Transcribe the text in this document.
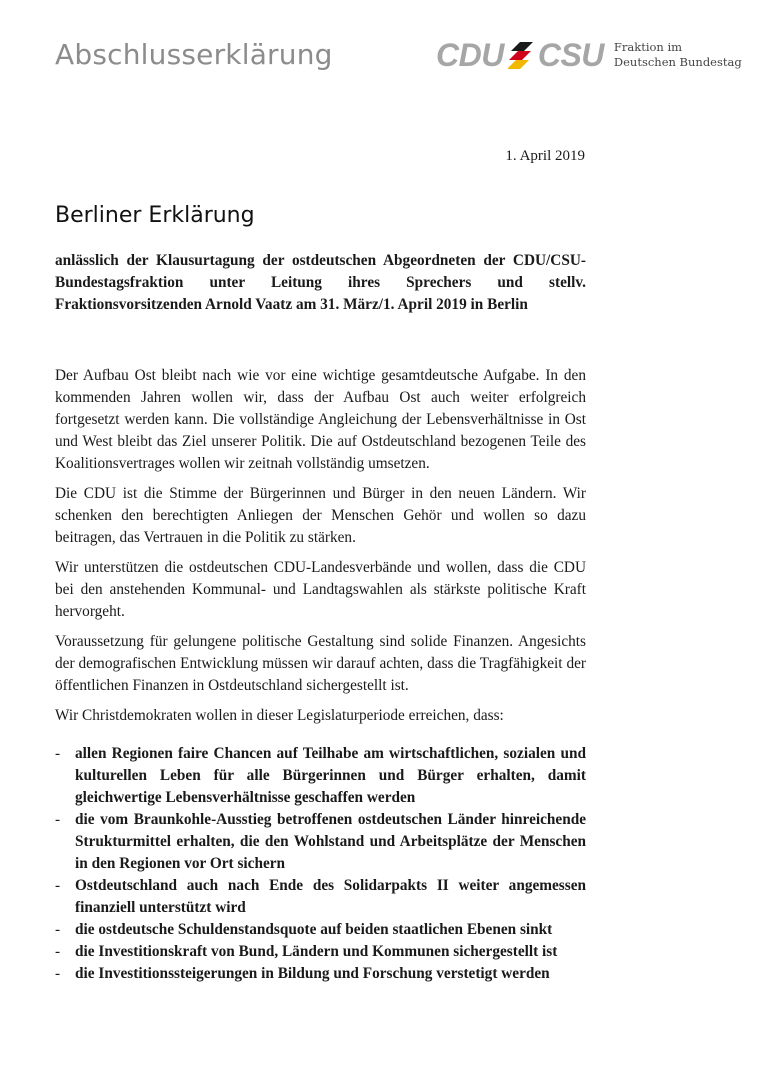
Abschlusserklärung	CDU CSU Fraktion im
Deutschen Bundestag
1. April 2019
Berliner Erklärung
anlässlich der Klausurtagung der ostdeutschen Abgeordneten der CDU/CSU-Bundestagsfraktion unter Leitung ihres Sprechers und stellv. Fraktionsvorsitzenden Arnold Vaatz am 31. März/1. April 2019 in Berlin

Der Aufbau Ost bleibt nach wie vor eine wichtige gesamtdeutsche Aufgabe. In den kommenden Jahren wollen wir, dass der Aufbau Ost auch weiter erfolgreich fortgesetzt werden kann. Die vollständige Angleichung der Lebensverhältnisse in Ost und West bleibt das Ziel unserer Politik. Die auf Ostdeutschland bezogenen Teile des Koalitionsvertrages wollen wir zeitnah vollständig umsetzen.

Die CDU ist die Stimme der Bürgerinnen und Bürger in den neuen Ländern. Wir schenken den berechtigten Anliegen der Menschen Gehör und wollen so dazu beitragen, das Vertrauen in die Politik zu stärken.

Wir unterstützen die ostdeutschen CDU-Landesverbände und wollen, dass die CDU bei den anstehenden Kommunal- und Landtagswahlen als stärkste politische Kraft hervorgeht.

Voraussetzung für gelungene politische Gestaltung sind solide Finanzen. Angesichts der demografischen Entwicklung müssen wir darauf achten, dass die Tragfähigkeit der öffentlichen Finanzen in Ostdeutschland sichergestellt ist.

Wir Christdemokraten wollen in dieser Legislaturperiode erreichen, dass:

- allen Regionen faire Chancen auf Teilhabe am wirtschaftlichen, sozialen und kulturellen Leben für alle Bürgerinnen und Bürger erhalten, damit gleichwertige Lebensverhältnisse geschaffen werden
- die vom Braunkohle-Ausstieg betroffenen ostdeutschen Länder hinreichende Strukturmittel erhalten, die den Wohlstand und Arbeitsplätze der Menschen in den Regionen vor Ort sichern
- Ostdeutschland auch nach Ende des Solidarpakts II weiter angemessen finanziell unterstützt wird
- die ostdeutsche Schuldenstandsquote auf beiden staatlichen Ebenen sinkt
- die Investitionskraft von Bund, Ländern und Kommunen sichergestellt ist
- die Investitionssteigerungen in Bildung und Forschung verstetigt werden
